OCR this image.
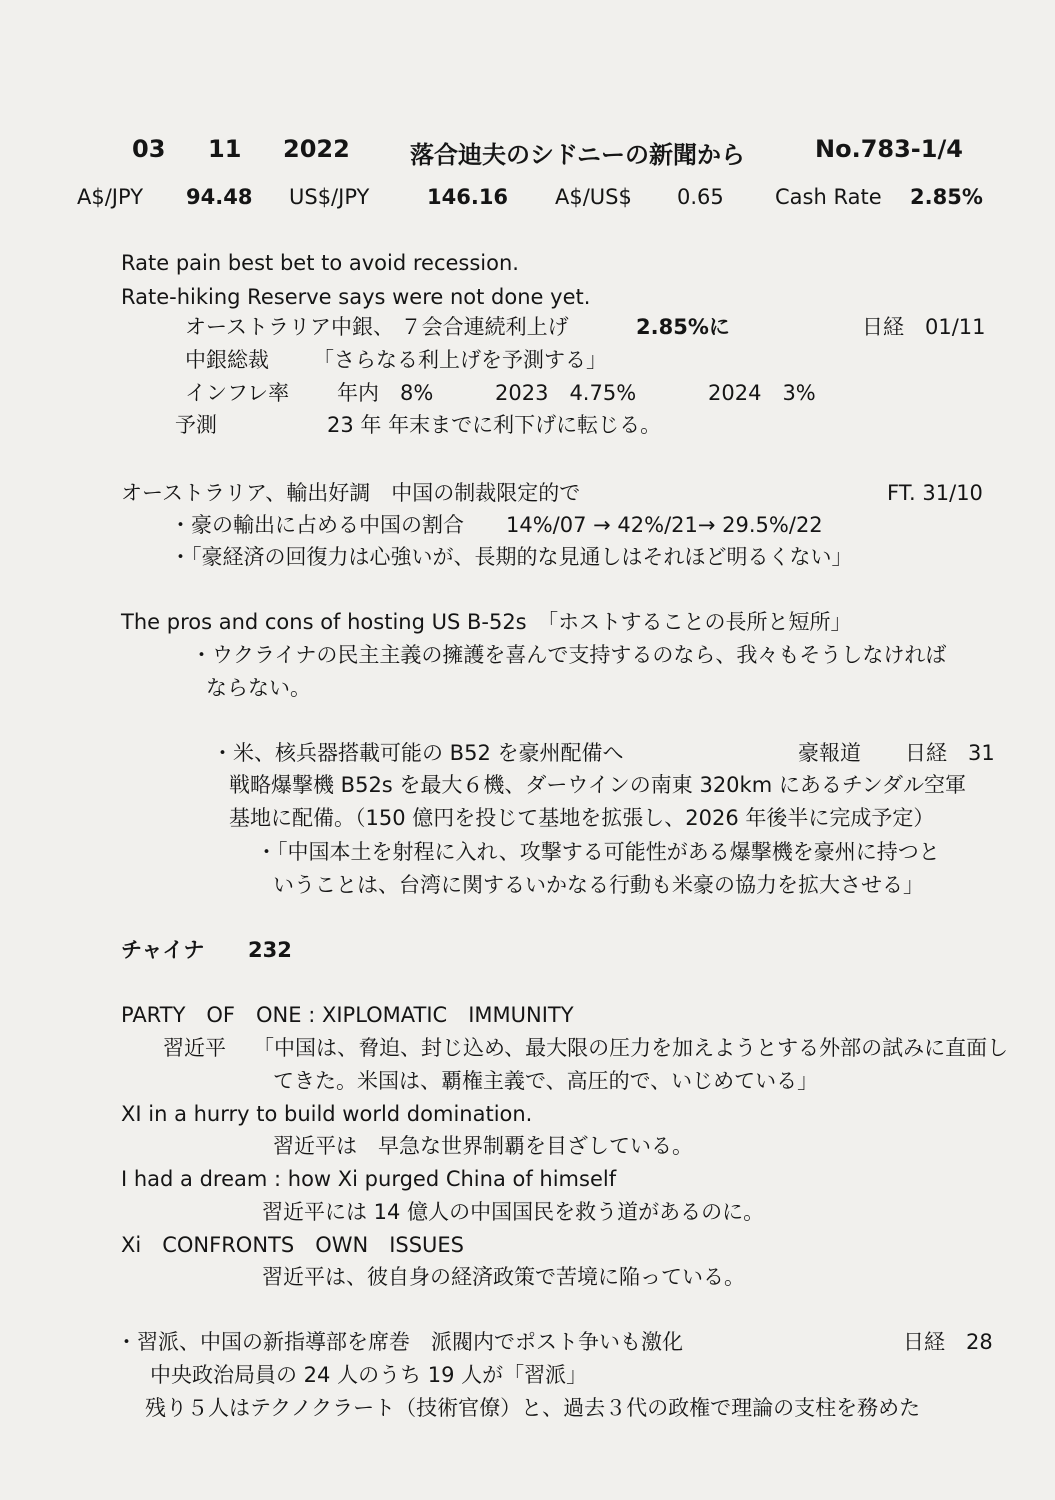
03 11 2022	落合迪夫のシドニーの新聞から	No.783-1/4
A$/JPY 94.48 US$/JPY	146.16 A$/US$ 0.65 Cash Rate 2.85%
Rate pain best bet to avoid recession.
Rate-hiking Reserve says were not done yet.
オーストラリア中銀、 ７会合連続利上げ	2.85%に	日経　01/11
中銀総裁 「さらなる利上げを予測する」
インフレ率 年内　8%	2023　4.75%	2024　3%
予測	23 年 年末までに利下げに転じる。
オーストラリア、輸出好調　中国の制裁限定的で	FT. 31/10
・豪の輸出に占める中国の割合　　14%/07 → 42%/21→ 29.5%/22
・「豪経済の回復力は心強いが、長期的な見通しはそれほど明るくない」
The pros and cons of hosting US B-52s　「ホストすることの長所と短所」
・ウクライナの民主主義の擁護を喜んで支持するのなら、我々もそうしなければ
ならない。
・米、核兵器搭載可能の B52 を豪州配備へ	豪報道 日経　31
戦略爆撃機 B52s を最大６機、ダーウインの南東 320km にあるチンダル空軍
基地に配備。（150 億円を投じて基地を拡張し、2026 年後半に完成予定）
・「中国本土を射程に入れ、攻撃する可能性がある爆撃機を豪州に持つと
いうことは、台湾に関するいかなる行動も米豪の協力を拡大させる」
チャイナ 232
PARTY　OF　ONE : XIPLOMATIC　IMMUNITY
習近平 「中国は、脅迫、封じ込め、最大限の圧力を加えようとする外部の試みに直面し
てきた。米国は、覇権主義で、高圧的で、いじめている」
XI in a hurry to build world domination.
習近平は　早急な世界制覇を目ざしている。
I had a dream : how Xi purged China of himself
習近平には 14 億人の中国国民を救う道があるのに。
Xi　CONFRONTS　OWN　ISSUES
習近平は、彼自身の経済政策で苦境に陥っている。
・習派、中国の新指導部を席巻　派閥内でポスト争いも激化	日経　28
中央政治局員の 24 人のうち 19 人が「習派」
残り５人はテクノクラート（技術官僚）と、過去３代の政権で理論の支柱を務めた
